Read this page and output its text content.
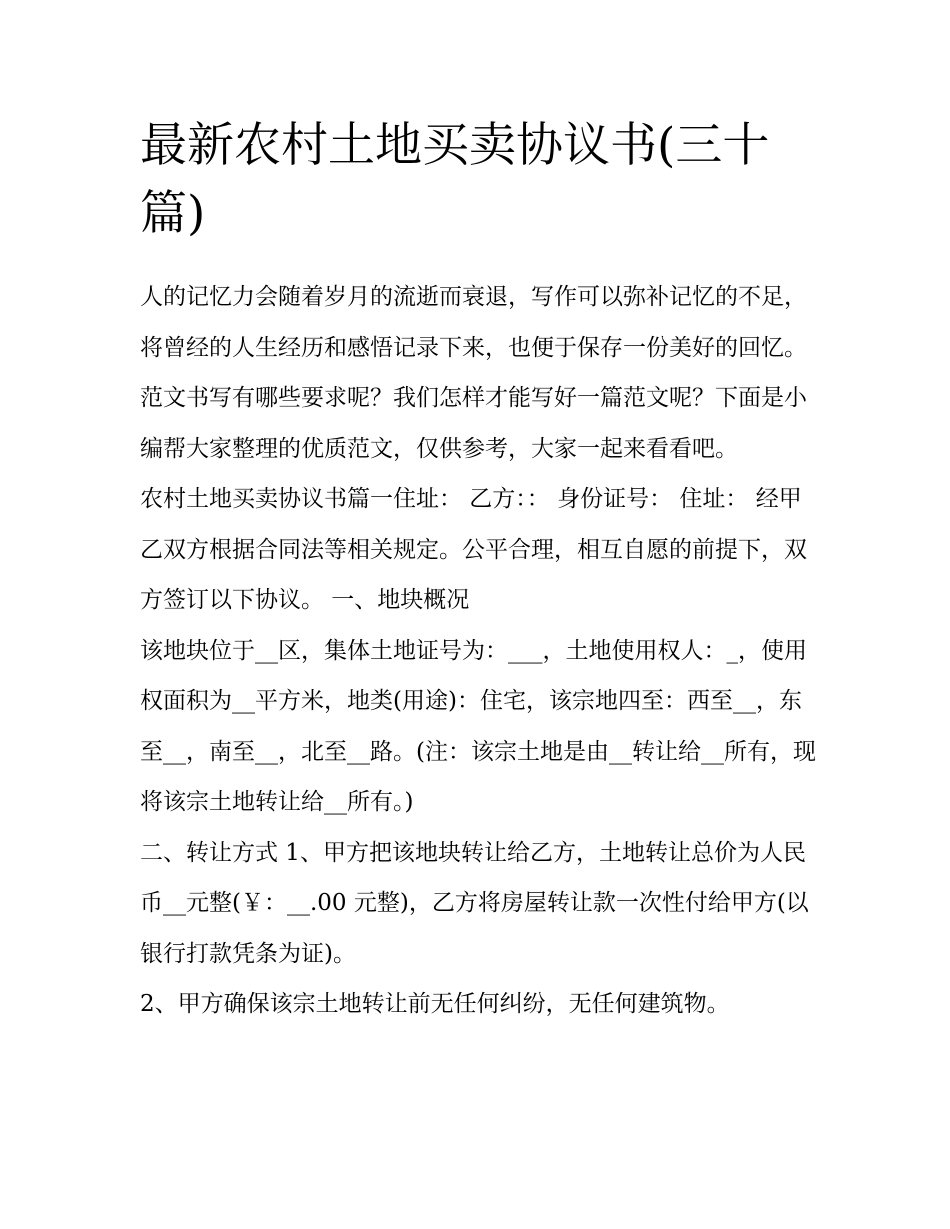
最新农村土地买卖协议书(三十篇)

人的记忆力会随着岁月的流逝而衰退，写作可以弥补记忆的不足，将曾经的人生经历和感悟记录下来，也便于保存一份美好的回忆。范文书写有哪些要求呢？我们怎样才能写好一篇范文呢？下面是小编帮大家整理的优质范文，仅供参考，大家一起来看看吧。

农村土地买卖协议书篇一住址： 乙方：： 身份证号： 住址： 经甲乙双方根据合同法等相关规定。公平合理，相互自愿的前提下，双方签订以下协议。 一、地块概况

该地块位于__区，集体土地证号为：___，土地使用权人：_，使用权面积为__平方米，地类(用途)：住宅，该宗地四至：西至__，东至__，南至__，北至__路。(注：该宗土地是由__转让给__所有，现将该宗土地转让给__所有。)

二、转让方式 1、甲方把该地块转让给乙方，土地转让总价为人民币__元整(￥：__.00 元整)，乙方将房屋转让款一次性付给甲方(以银行打款凭条为证)。

2、甲方确保该宗土地转让前无任何纠纷，无任何建筑物。
